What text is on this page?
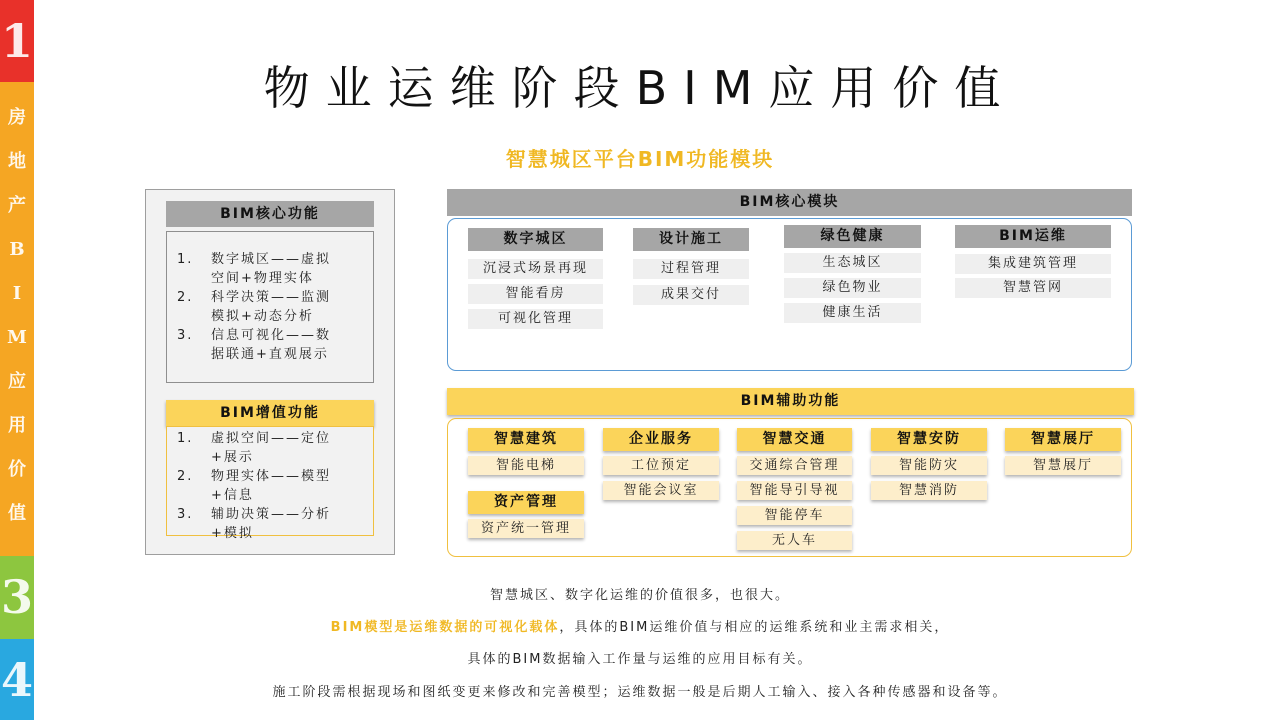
1
房
地
产
B
I
M
应
用
价
值
3
4
物业运维阶段BIM应用价值
智慧城区平台BIM功能模块
BIM核心功能
1. 数字城区——虚拟
空间+物理实体
2. 科学决策——监测
模拟+动态分析
3. 信息可视化——数
据联通+直观展示
BIM增值功能
1. 虚拟空间——定位
+展示
2. 物理实体——模型
+信息
3. 辅助决策——分析
+模拟
BIM核心模块
数字城区
沉浸式场景再现
智能看房
可视化管理
设计施工
过程管理
成果交付
绿色健康
生态城区
绿色物业
健康生活
BIM运维
集成建筑管理
智慧管网
BIM辅助功能
智慧建筑
智能电梯
企业服务
工位预定
智能会议室
智慧交通
交通综合管理
智能导引导视
智能停车
无人车
智慧安防
智能防灾
智慧消防
智慧展厅
智慧展厅
资产管理
资产统一管理
智慧城区、数字化运维的价值很多，也很大。
BIM模型是运维数据的可视化载体，具体的BIM运维价值与相应的运维系统和业主需求相关，
具体的BIM数据输入工作量与运维的应用目标有关。
施工阶段需根据现场和图纸变更来修改和完善模型；运维数据一般是后期人工输入、接入各种传感器和设备等。
